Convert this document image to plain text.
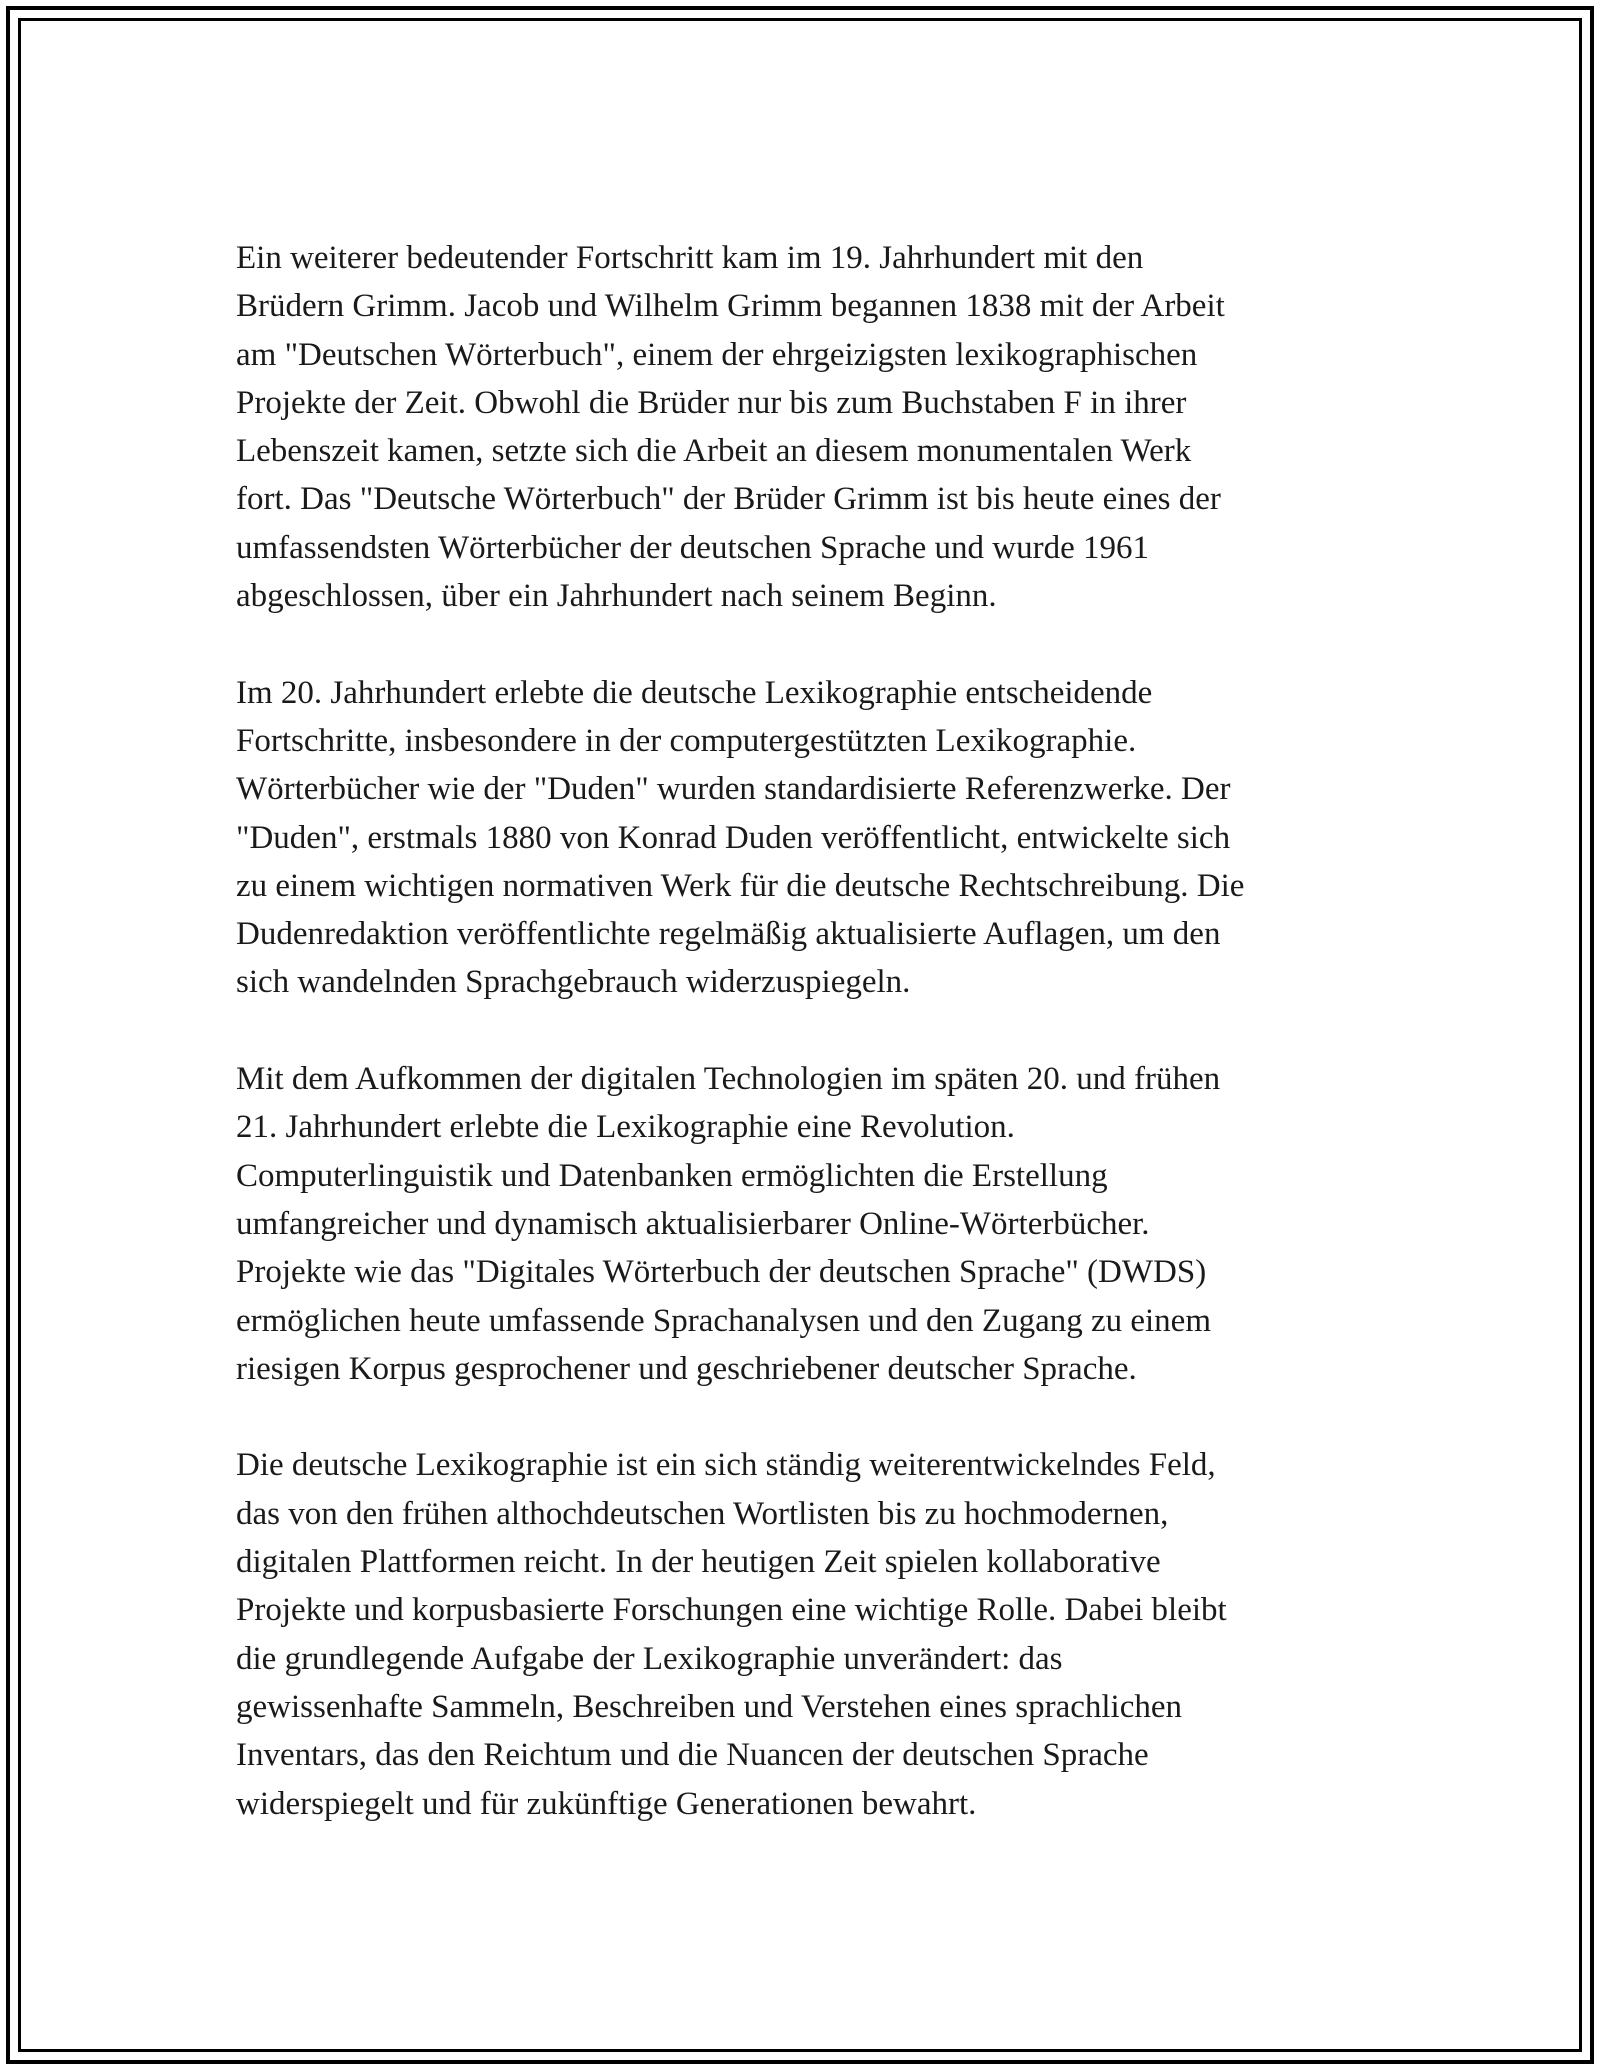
Ein weiterer bedeutender Fortschritt kam im 19. Jahrhundert mit den
Brüdern Grimm. Jacob und Wilhelm Grimm begannen 1838 mit der Arbeit
am "Deutschen Wörterbuch", einem der ehrgeizigsten lexikographischen
Projekte der Zeit. Obwohl die Brüder nur bis zum Buchstaben F in ihrer
Lebenszeit kamen, setzte sich die Arbeit an diesem monumentalen Werk
fort. Das "Deutsche Wörterbuch" der Brüder Grimm ist bis heute eines der
umfassendsten Wörterbücher der deutschen Sprache und wurde 1961
abgeschlossen, über ein Jahrhundert nach seinem Beginn.

Im 20. Jahrhundert erlebte die deutsche Lexikographie entscheidende
Fortschritte, insbesondere in der computergestützten Lexikographie.
Wörterbücher wie der "Duden" wurden standardisierte Referenzwerke. Der
"Duden", erstmals 1880 von Konrad Duden veröffentlicht, entwickelte sich
zu einem wichtigen normativen Werk für die deutsche Rechtschreibung. Die
Dudenredaktion veröffentlichte regelmäßig aktualisierte Auflagen, um den
sich wandelnden Sprachgebrauch widerzuspiegeln.

Mit dem Aufkommen der digitalen Technologien im späten 20. und frühen
21. Jahrhundert erlebte die Lexikographie eine Revolution.
Computerlinguistik und Datenbanken ermöglichten die Erstellung
umfangreicher und dynamisch aktualisierbarer Online-Wörterbücher.
Projekte wie das "Digitales Wörterbuch der deutschen Sprache" (DWDS)
ermöglichen heute umfassende Sprachanalysen und den Zugang zu einem
riesigen Korpus gesprochener und geschriebener deutscher Sprache.

Die deutsche Lexikographie ist ein sich ständig weiterentwickelndes Feld,
das von den frühen althochdeutschen Wortlisten bis zu hochmodernen,
digitalen Plattformen reicht. In der heutigen Zeit spielen kollaborative
Projekte und korpusbasierte Forschungen eine wichtige Rolle. Dabei bleibt
die grundlegende Aufgabe der Lexikographie unverändert: das
gewissenhafte Sammeln, Beschreiben und Verstehen eines sprachlichen
Inventars, das den Reichtum und die Nuancen der deutschen Sprache
widerspiegelt und für zukünftige Generationen bewahrt.
